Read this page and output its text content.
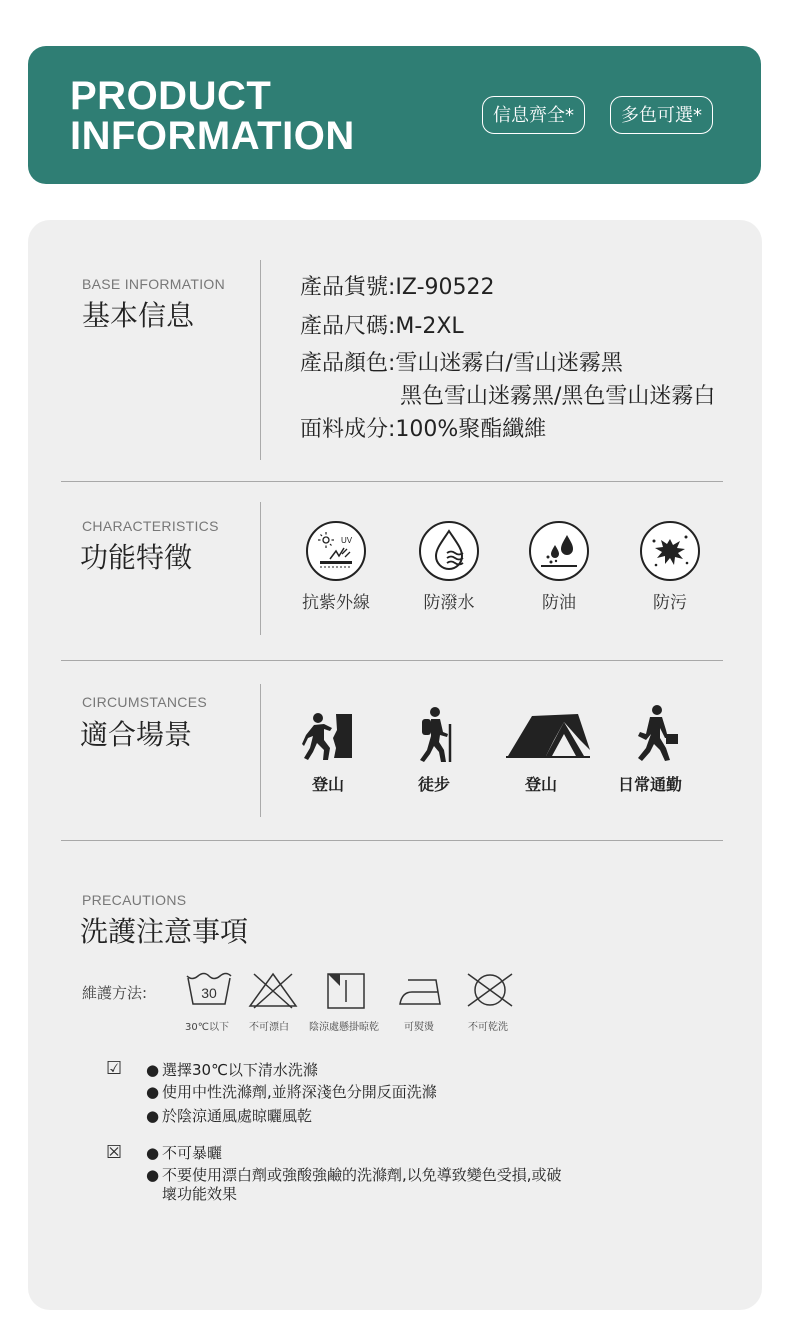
PRODUCT
INFORMATION	信息齊全*	多色可選*
BASE INFORMATION
基本信息
產品貨號:IZ-90522
產品尺碼:M-2XL
產品顏色:雪山迷霧白/雪山迷霧黑
黑色雪山迷霧黑/黑色雪山迷霧白
面料成分:100%聚酯纖維
CHARACTERISTICS
功能特徵
UV
抗紫外線	防潑水	防油	防污
CIRCUMSTANCES
適合場景
登山	徒步	登山	日常通勤
PRECAUTIONS
洗護注意事項
維護方法:	30
30℃以下 不可漂白 陰涼處懸掛晾乾	可熨燙	不可乾洗
☑ ● 選擇30℃以下清水洗滌
● 使用中性洗滌劑,並將深淺色分開反面洗滌
● 於陰涼通風處晾曬風乾
☒ ● 不可暴曬
● 不要使用漂白劑或強酸強鹼的洗滌劑,以免導致變色受損,或破
壞功能效果
